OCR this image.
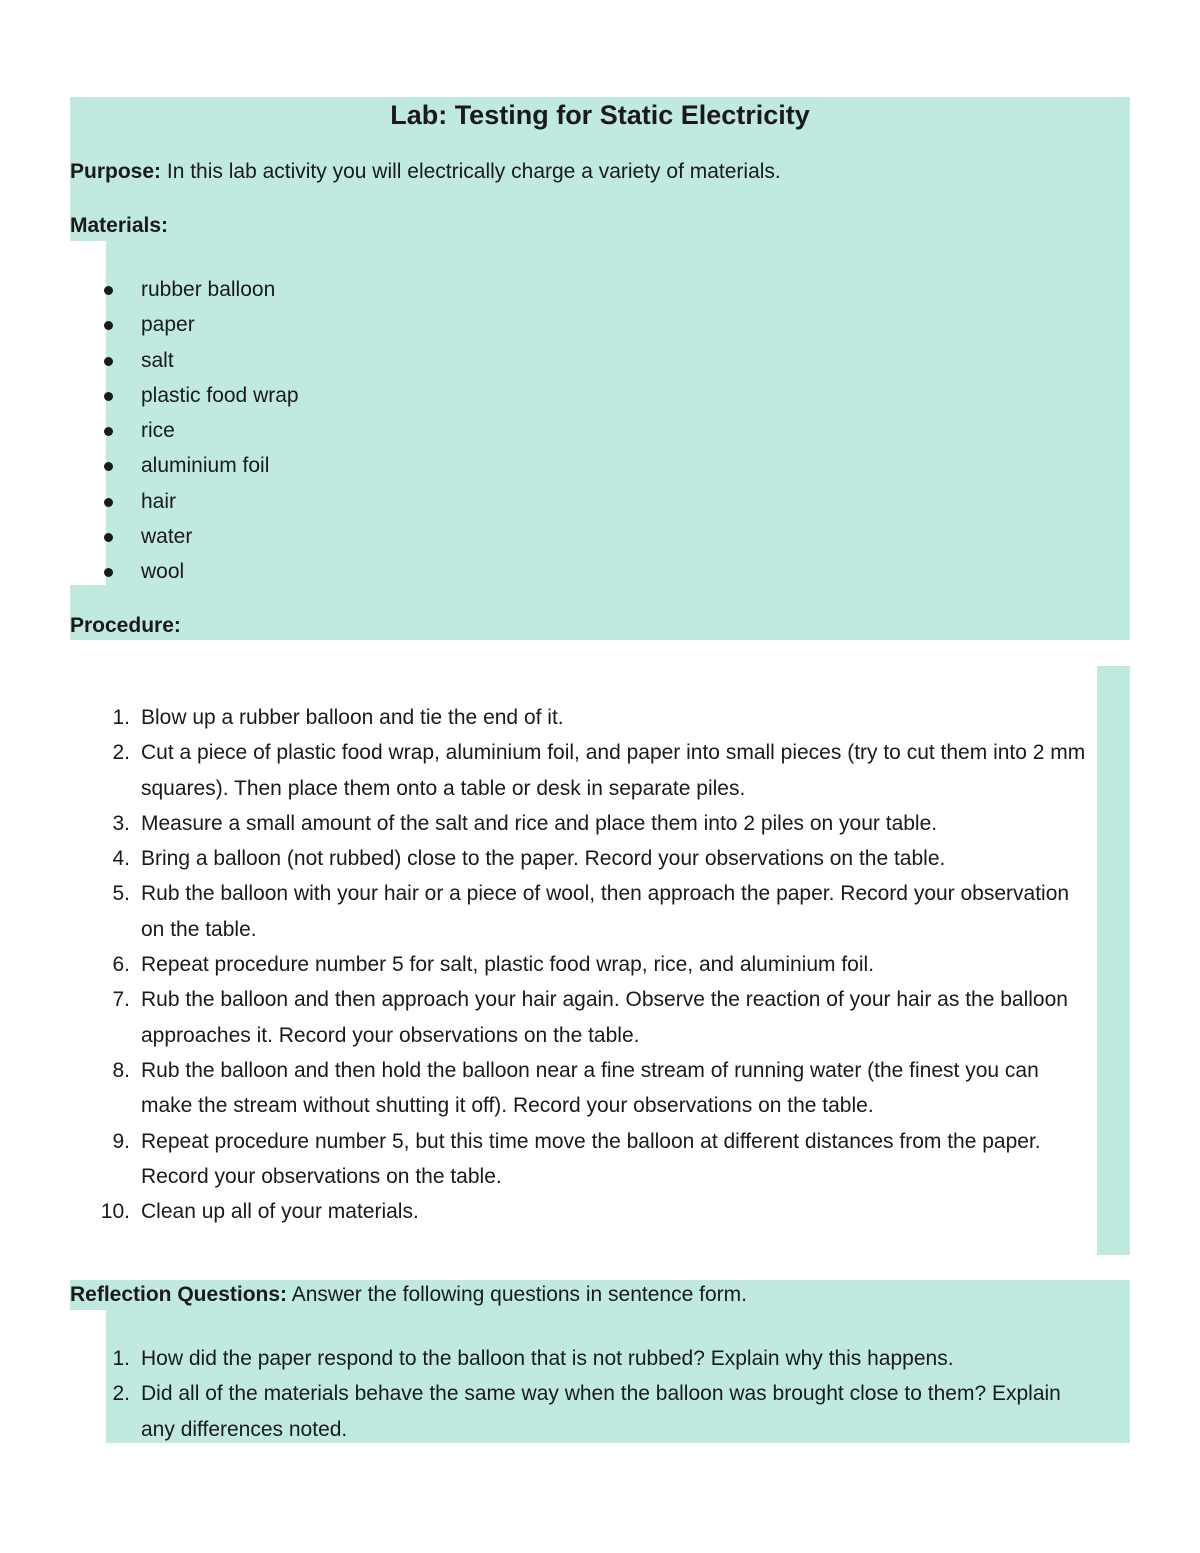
Lab: Testing for Static Electricity
Purpose: In this lab activity you will electrically charge a variety of materials.
Materials:
rubber balloon
paper
salt
plastic food wrap
rice
aluminium foil
hair
water
wool
Procedure:
1. Blow up a rubber balloon and tie the end of it.
2. Cut a piece of plastic food wrap, aluminium foil, and paper into small pieces (try to cut them into 2 mm squares). Then place them onto a table or desk in separate piles.
3. Measure a small amount of the salt and rice and place them into 2 piles on your table.
4. Bring a balloon (not rubbed) close to the paper. Record your observations on the table.
5. Rub the balloon with your hair or a piece of wool, then approach the paper. Record your observation on the table.
6. Repeat procedure number 5 for salt, plastic food wrap, rice, and aluminium foil.
7. Rub the balloon and then approach your hair again. Observe the reaction of your hair as the balloon approaches it. Record your observations on the table.
8. Rub the balloon and then hold the balloon near a fine stream of running water (the finest you can make the stream without shutting it off). Record your observations on the table.
9. Repeat procedure number 5, but this time move the balloon at different distances from the paper. Record your observations on the table.
10. Clean up all of your materials.
Reflection Questions: Answer the following questions in sentence form.
1. How did the paper respond to the balloon that is not rubbed? Explain why this happens.
2. Did all of the materials behave the same way when the balloon was brought close to them? Explain any differences noted.
